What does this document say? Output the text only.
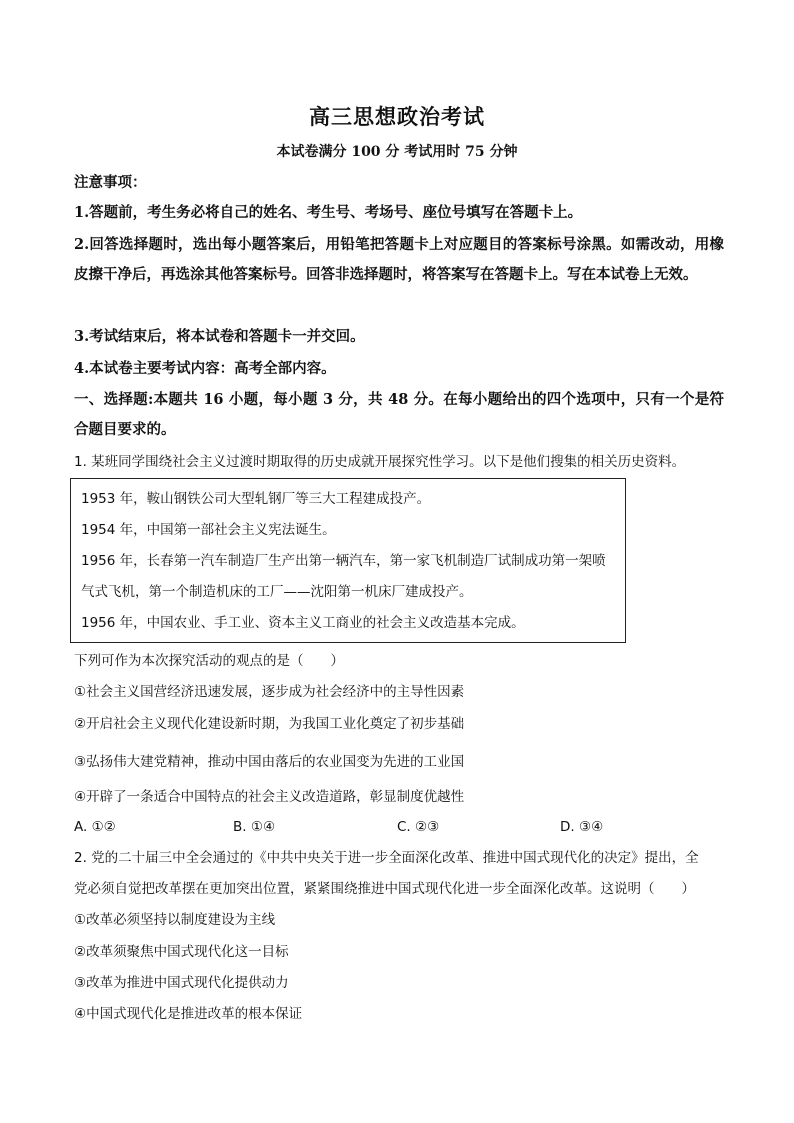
高三思想政治考试
本试卷满分 100 分 考试用时 75 分钟
注意事项：
1.答题前，考生务必将自己的姓名、考生号、考场号、座位号填写在答题卡上。
2.回答选择题时，选出每小题答案后，用铅笔把答题卡上对应题目的答案标号涂黑。如需改动，用橡皮擦干净后，再选涂其他答案标号。回答非选择题时，将答案写在答题卡上。写在本试卷上无效。
3.考试结束后，将本试卷和答题卡一并交回。
4.本试卷主要考试内容：高考全部内容。
一、选择题:本题共 16 小题，每小题 3 分，共 48 分。在每小题给出的四个选项中，只有一个是符合题目要求的。
1. 某班同学围绕社会主义过渡时期取得的历史成就开展探究性学习。以下是他们搜集的相关历史资料。
1953 年，鞍山钢铁公司大型轧钢厂等三大工程建成投产。
1954 年，中国第一部社会主义宪法诞生。
1956 年，长春第一汽车制造厂生产出第一辆汽车，第一家飞机制造厂试制成功第一架喷
气式飞机，第一个制造机床的工厂——沈阳第一机床厂建成投产。
1956 年，中国农业、手工业、资本主义工商业的社会主义改造基本完成。
下列可作为本次探究活动的观点的是（　　）
①社会主义国营经济迅速发展，逐步成为社会经济中的主导性因素
②开启社会主义现代化建设新时期，为我国工业化奠定了初步基础
③弘扬伟大建党精神，推动中国由落后的农业国变为先进的工业国
④开辟了一条适合中国特点的社会主义改造道路，彰显制度优越性
A. ①②	B. ①④	C. ②③	D. ③④
2. 党的二十届三中全会通过的《中共中央关于进一步全面深化改革、推进中国式现代化的决定》提出，全
党必须自觉把改革摆在更加突出位置，紧紧围绕推进中国式现代化进一步全面深化改革。这说明（　　）
①改革必须坚持以制度建设为主线
②改革须聚焦中国式现代化这一目标
③改革为推进中国式现代化提供动力
④中国式现代化是推进改革的根本保证
